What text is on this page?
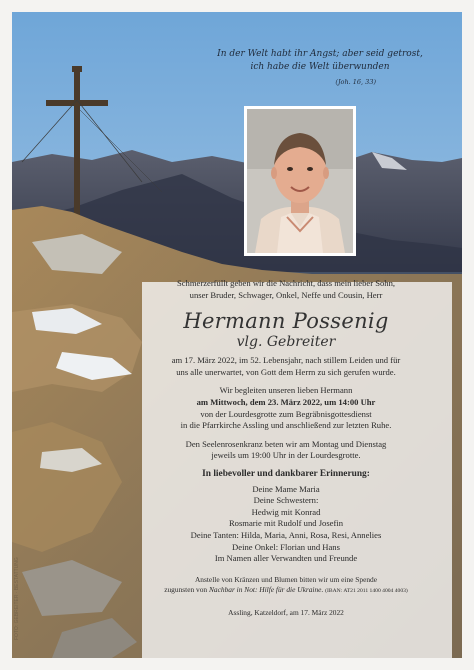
In der Welt habt ihr Angst; aber seid getrost,
ich habe die Welt überwunden
(Joh. 16, 33)

Schmerzerfüllt geben wir die Nachricht, dass mein lieber Sohn,

unser Bruder, Schwager, Onkel, Neffe und Cousin, Herr

Hermann Possenig

vlg. Gebreiter

am 17. März 2022, im 52. Lebensjahr, nach stillem Leiden und für

uns alle unerwartet, von Gott dem Herrn zu sich gerufen wurde.

Wir begleiten unseren lieben Hermann

am Mittwoch, dem 23. März 2022, um 14:00 Uhr

von der Lourdesgrotte zum Begräbnisgottesdienst

in die Pfarrkirche Assling und anschließend zur letzten Ruhe.

Den Seelenrosenkranz beten wir am Montag und Dienstag

jeweils um 19:00 Uhr in der Lourdesgrotte.

In liebevoller und dankbarer Erinnerung:

Deine Mame Maria

Deine Schwestern:

Hedwig mit Konrad

Rosmarie mit Rudolf und Josefin

Deine Tanten: Hilda, Maria, Anni, Rosa, Resi, Annelies

Deine Onkel: Florian und Hans

Im Namen aller Verwandten und Freunde

Anstelle von Kränzen und Blumen bitten wir um eine Spende

zugunsten von Nachbar in Not: Hilfe für die Ukraine. (IBAN: AT21 2011 1400 4004 4003)

Assling, Katzeldorf, am 17. März 2022

FOTO: GEBREITER · BESTATTUNG
